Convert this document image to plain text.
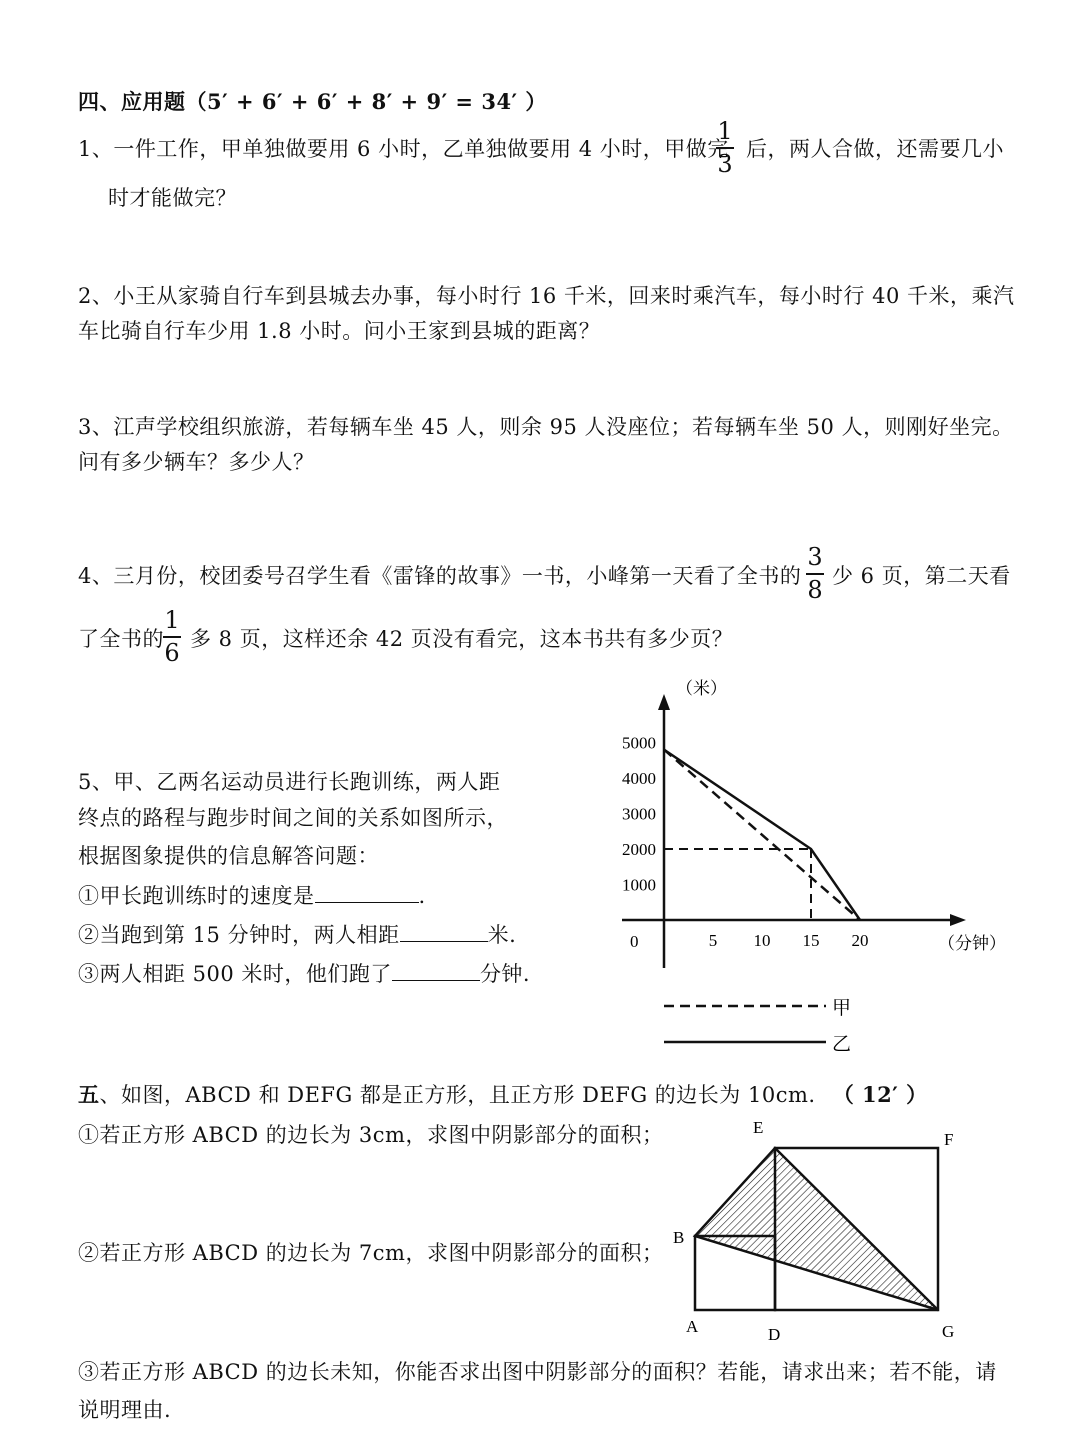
四、应用题（5′ + 6′ + 6′ + 8′ + 9′ = 34′ ）
1、一件工作，甲单独做要用 6 小时，乙单独做要用 4 小时，甲做完
1
3
后，两人合做，还需要几小
时才能做完？
2、小王从家骑自行车到县城去办事，每小时行 16 千米，回来时乘汽车，每小时行 40 千米，乘汽
车比骑自行车少用 1.8 小时。问小王家到县城的距离？
3、江声学校组织旅游，若每辆车坐 45 人，则余 95 人没座位；若每辆车坐 50 人，则刚好坐完。
问有多少辆车？多少人？
4、三月份，校团委号召学生看《雷锋的故事》一书，小峰第一天看了全书的
3
8 少 6 页，第二天看
了全书的
1
6 多 8 页，这样还余 42 页没有看完，这本书共有多少页？
5、甲、乙两名运动员进行长跑训练，两人距
终点的路程与跑步时间之间的关系如图所示，
根据图象提供的信息解答问题：
①甲长跑训练时的速度是	.
②当跑到第 15 分钟时，两人相距	米.
③两人相距 500 米时，他们跑了	分钟.
（米）
（分钟）
0	5 10 15 20
1000
2000
3000
4000
5000
甲
乙
五、如图，ABCD 和 DEFG 都是正方形，且正方形 DEFG 的边长为 10cm. （ 12′ ）
①若正方形 ABCD 的边长为 3cm，求图中阴影部分的面积；
②若正方形 ABCD 的边长为 7cm，求图中阴影部分的面积；
③若正方形 ABCD 的边长未知，你能否求出图中阴影部分的面积？若能，请求出来；若不能，请
说明理由.
A
B
D
E
F
G
